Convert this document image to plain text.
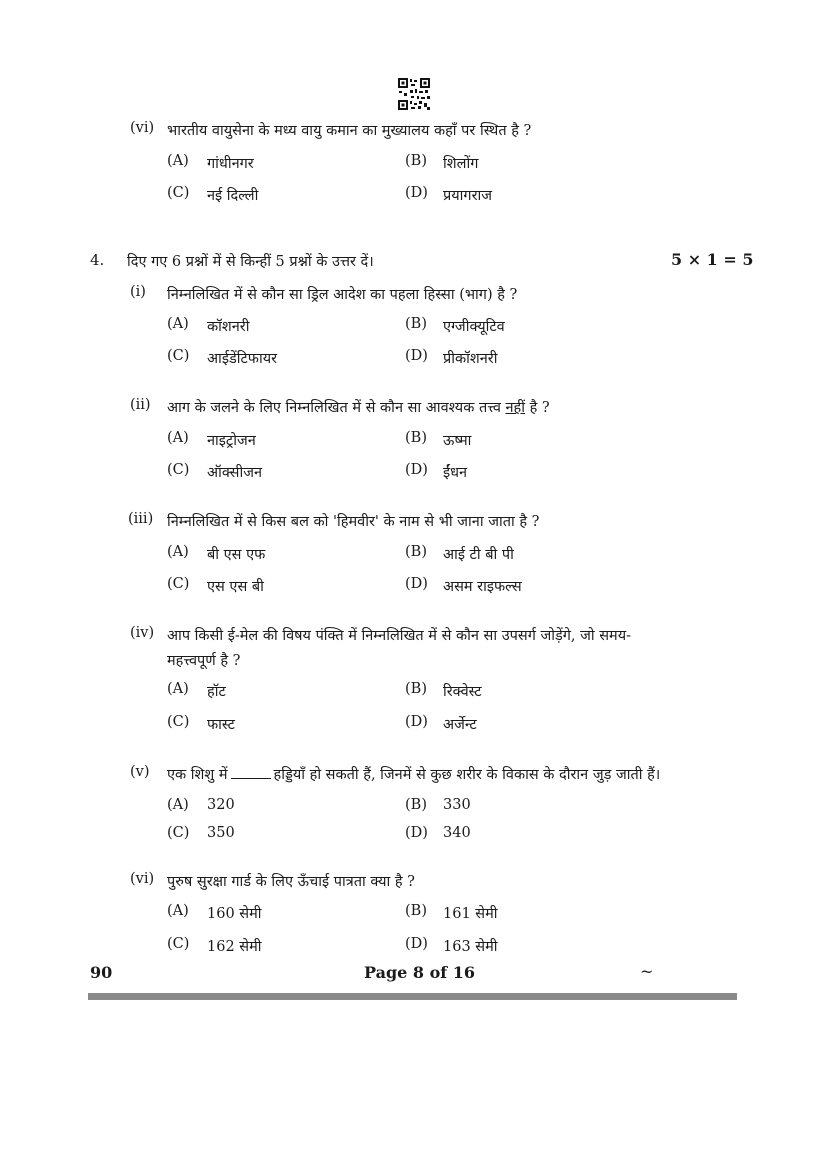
(vi) भारतीय वायुसेना के मध्य वायु कमान का मुख्यालय कहाँ पर स्थित है ?
(A) गांधीनगर	(B) शिलोंग
(C) नई दिल्ली	(D) प्रयागराज
4. दिए गए 6 प्रश्नों में से किन्हीं 5 प्रश्नों के उत्तर दें।	5 × 1 = 5
(i) निम्नलिखित में से कौन सा ड्रिल आदेश का पहला हिस्सा (भाग) है ?
(A) कॉशनरी	(B) एग्जीक्यूटिव
(C) आईडेंटिफायर	(D) प्रीकॉशनरी
(ii) आग के जलने के लिए निम्नलिखित में से कौन सा आवश्यक तत्त्व नहीं है ?
(A) नाइट्रोजन	(B) ऊष्मा
(C) ऑक्सीजन	(D) ईंधन
(iii) निम्नलिखित में से किस बल को 'हिमवीर' के नाम से भी जाना जाता है ?
(A) बी एस एफ	(B) आई टी बी पी
(C) एस एस बी	(D) असम राइफल्स
(iv) आप किसी ई-मेल की विषय पंक्ति में निम्नलिखित में से कौन सा उपसर्ग जोड़ेंगे, जो समय-
महत्त्वपूर्ण है ?
(A) हॉट	(B) रिक्वेस्ट
(C) फास्ट	(D) अर्जेन्ट
(v) एक शिशु में	हड्डियाँ हो सकती हैं, जिनमें से कुछ शरीर के विकास के दौरान जुड़ जाती हैं।
(A) 320	(B) 330
(C) 350	(D) 340
(vi) पुरुष सुरक्षा गार्ड के लिए ऊँचाई पात्रता क्या है ?
(A) 160 सेमी	(B) 161 सेमी
(C) 162 सेमी	(D) 163 सेमी
90	Page 8 of 16	~
